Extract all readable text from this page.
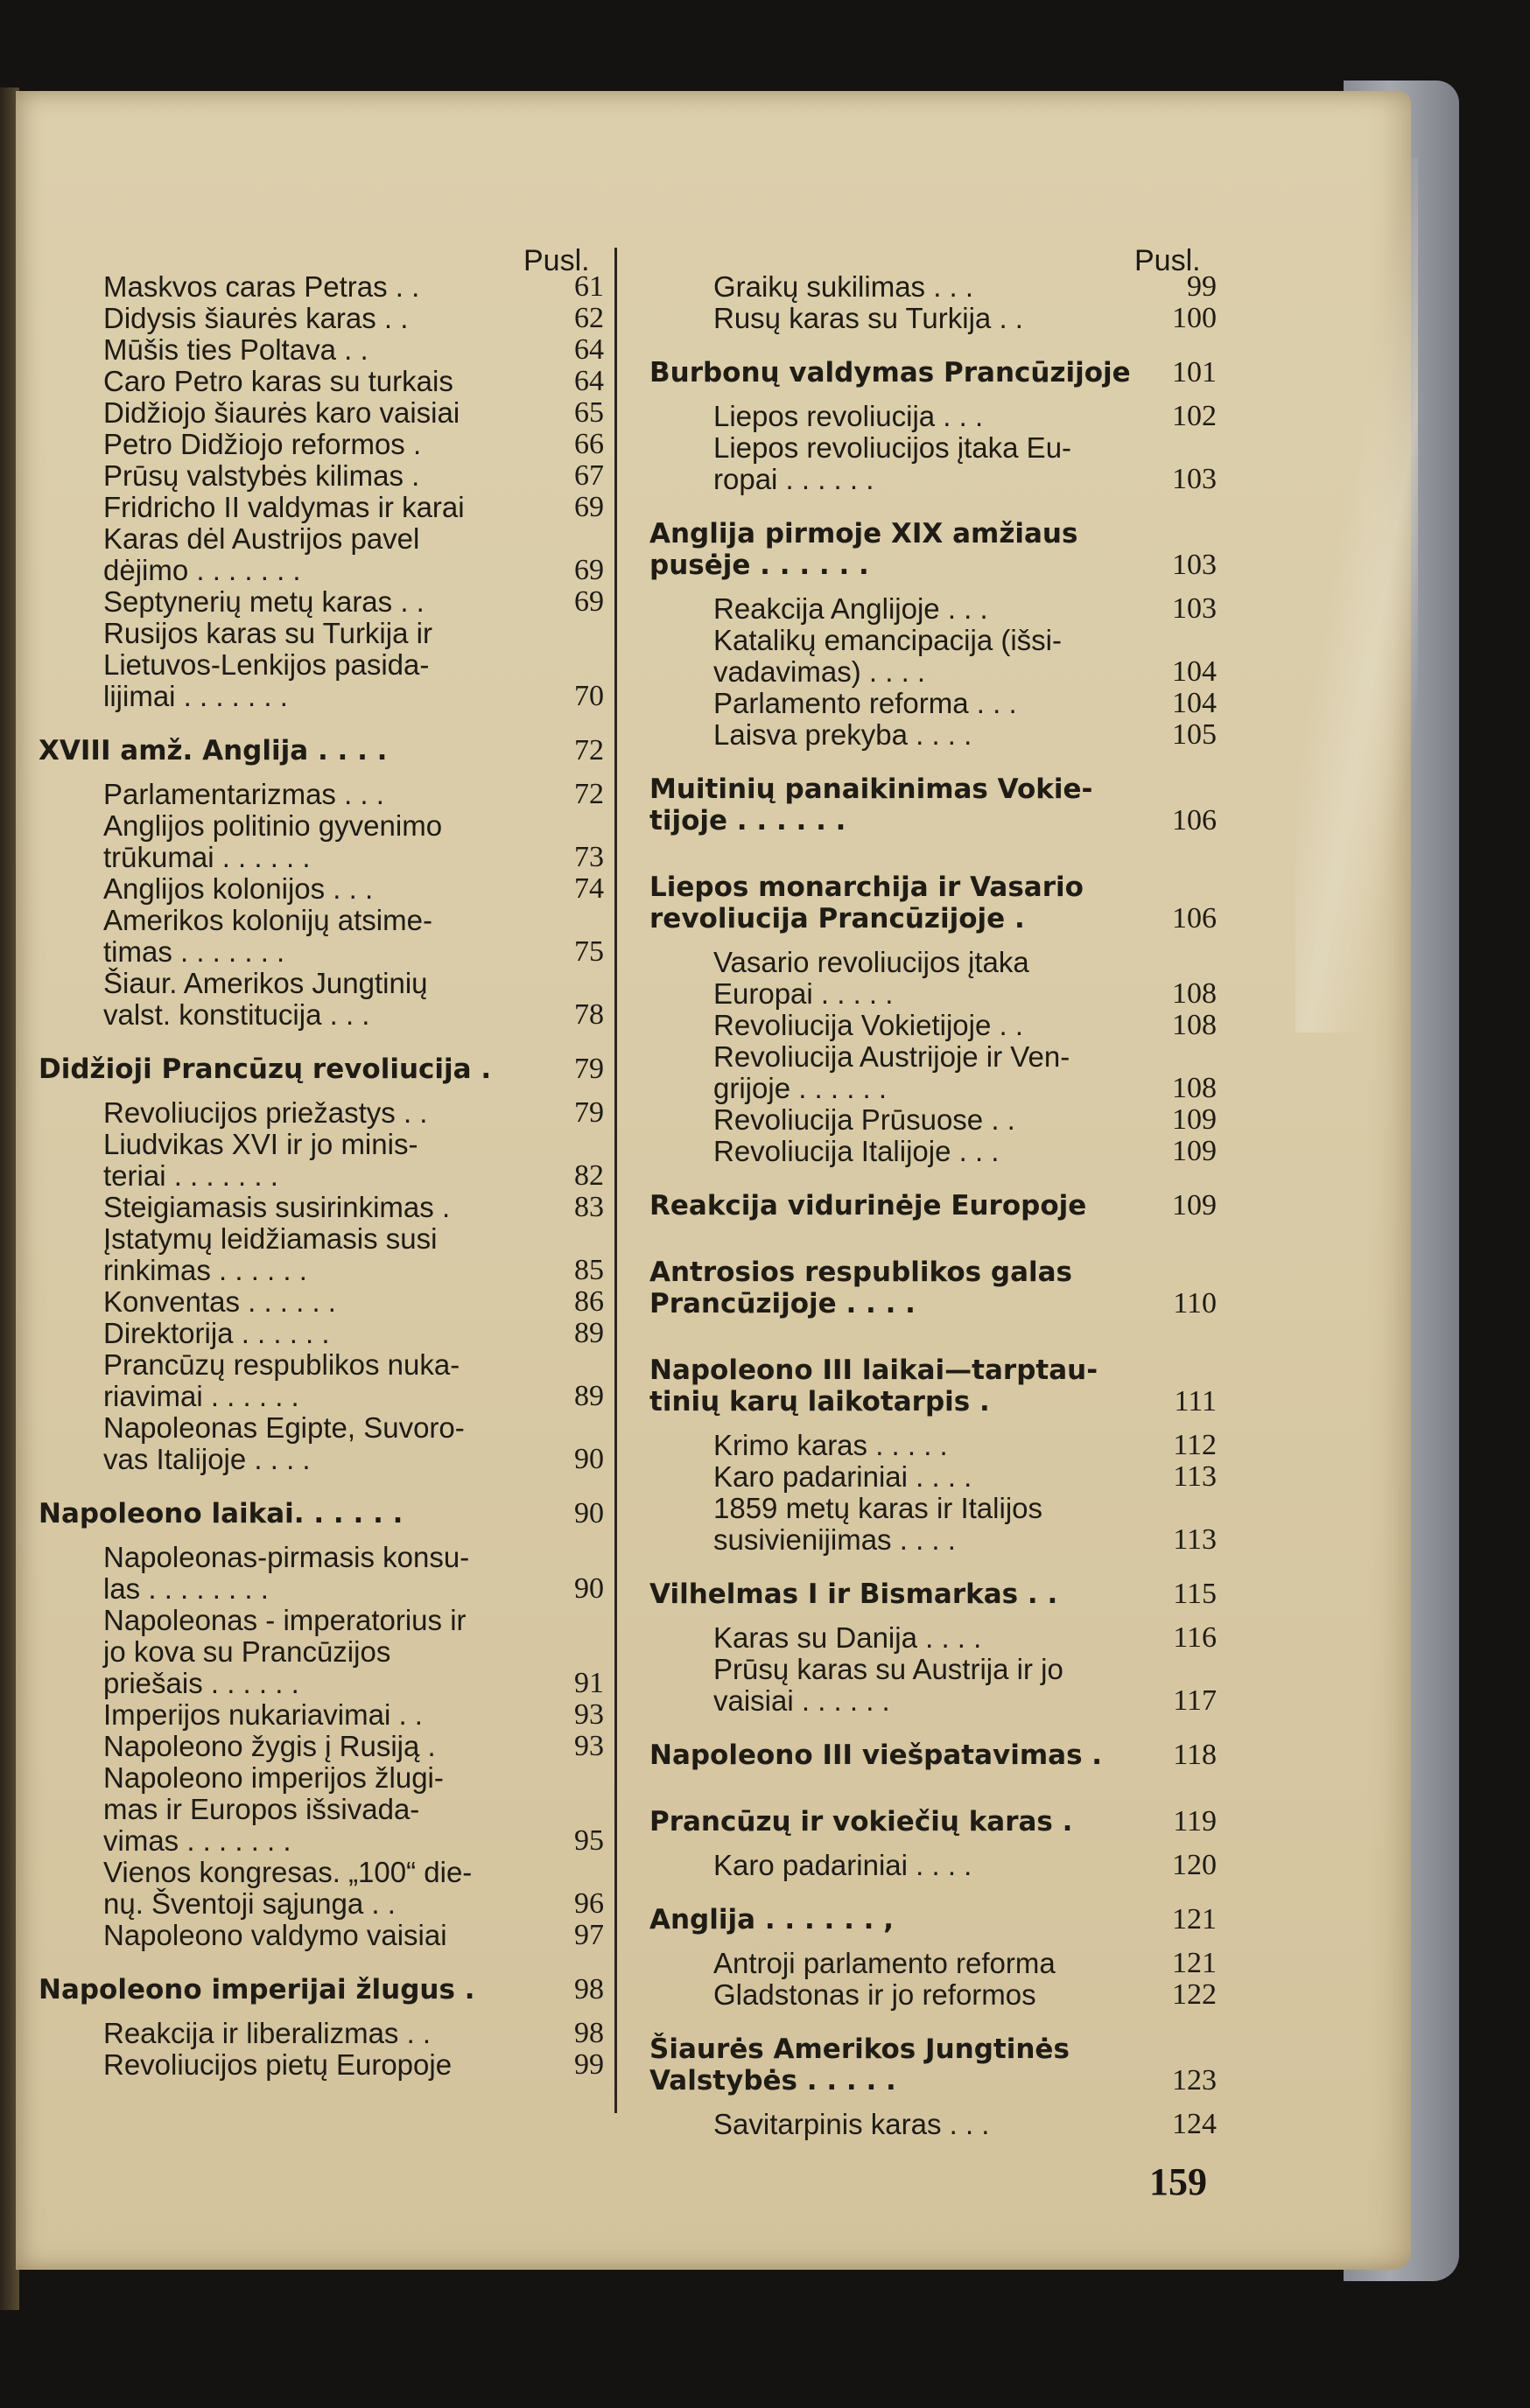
Pusl.	Pusl.
Maskvos caras Petras . .	61
Didysis šiaurės karas . .	62
Mūšis ties Poltava . .	64
Caro Petro karas su turkais	64
Didžiojo šiaurės karo vaisiai	65
Petro Didžiojo reformos .	66
Prūsų valstybės kilimas .	67
Fridricho II valdymas ir karai	69
Karas dėl Austrijos pavel
dėjimo . . . . . . .	69
Septynerių metų karas . .	69
Rusijos karas su Turkija ir
Lietuvos-Lenkijos pasida-
lijimai . . . . . . .	70
XVIII amž. Anglija . . . .	72
Parlamentarizmas . . .	72
Anglijos politinio gyvenimo
trūkumai . . . . . .	73
Anglijos kolonijos . . .	74
Amerikos kolonijų atsime-
timas . . . . . . .	75
Šiaur. Amerikos Jungtinių
valst. konstitucija . . .	78
Didžioji Prancūzų revoliucija .	79
Revoliucijos priežastys . .	79
Liudvikas XVI ir jo minis-
teriai . . . . . . .	82
Steigiamasis susirinkimas .	83
Įstatymų leidžiamasis susi
rinkimas . . . . . .	85
Konventas . . . . . .	86
Direktorija . . . . . .	89
Prancūzų respublikos nuka-
riavimai . . . . . .	89
Napoleonas Egipte, Suvoro-
vas Italijoje . . . .	90
Napoleono laikai. . . . . .	90
Napoleonas-pirmasis konsu-
las . . . . . . . .	90
Napoleonas - imperatorius ir
jo kova su Prancūzijos
priešais . . . . . .	91
Imperijos nukariavimai . .	93
Napoleono žygis į Rusiją .	93
Napoleono imperijos žlugi-
mas ir Europos išsivada-
vimas . . . . . . .	95
Vienos kongresas. „100“ die-
nų. Šventoji sąjunga . .	96
Napoleono valdymo vaisiai	97
Napoleono imperijai žlugus .	98
Reakcija ir liberalizmas . .	98
Revoliucijos pietų Europoje	99
Graikų sukilimas . . .	99
Rusų karas su Turkija . .	100
Burbonų valdymas Prancūzijoje	101
Liepos revoliucija . . .	102
Liepos revoliucijos įtaka Eu-
ropai . . . . . .	103
Anglija pirmoje XIX amžiaus
pusėje . . . . . .	103
Reakcija Anglijoje . . .	103
Katalikų emancipacija (išsi-
vadavimas) . . . .	104
Parlamento reforma . . .	104
Laisva prekyba . . . .	105
Muitinių panaikinimas Vokie-
tijoje . . . . . .	106
Liepos monarchija ir Vasario
revoliucija Prancūzijoje .	106
Vasario revoliucijos įtaka
Europai . . . . .	108
Revoliucija Vokietijoje . .	108
Revoliucija Austrijoje ir Ven-
grijoje . . . . . .	108
Revoliucija Prūsuose . .	109
Revoliucija Italijoje . . .	109
Reakcija vidurinėje Europoje	109
Antrosios respublikos galas
Prancūzijoje . . . .	110
Napoleono III laikai—tarptau-
tinių karų laikotarpis .	111
Krimo karas . . . . .	112
Karo padariniai . . . .	113
1859 metų karas ir Italijos
susivienijimas . . . .	113
Vilhelmas I ir Bismarkas . .	115
Karas su Danija . . . .	116
Prūsų karas su Austrija ir jo
vaisiai . . . . . .	117
Napoleono III viešpatavimas .	118
Prancūzų ir vokiečių karas .	119
Karo padariniai . . . .	120
Anglija . . . . . . ,	121
Antroji parlamento reforma	121
Gladstonas ir jo reformos	122
Šiaurės Amerikos Jungtinės
Valstybės . . . . .	123
Savitarpinis karas . . .	124
159
